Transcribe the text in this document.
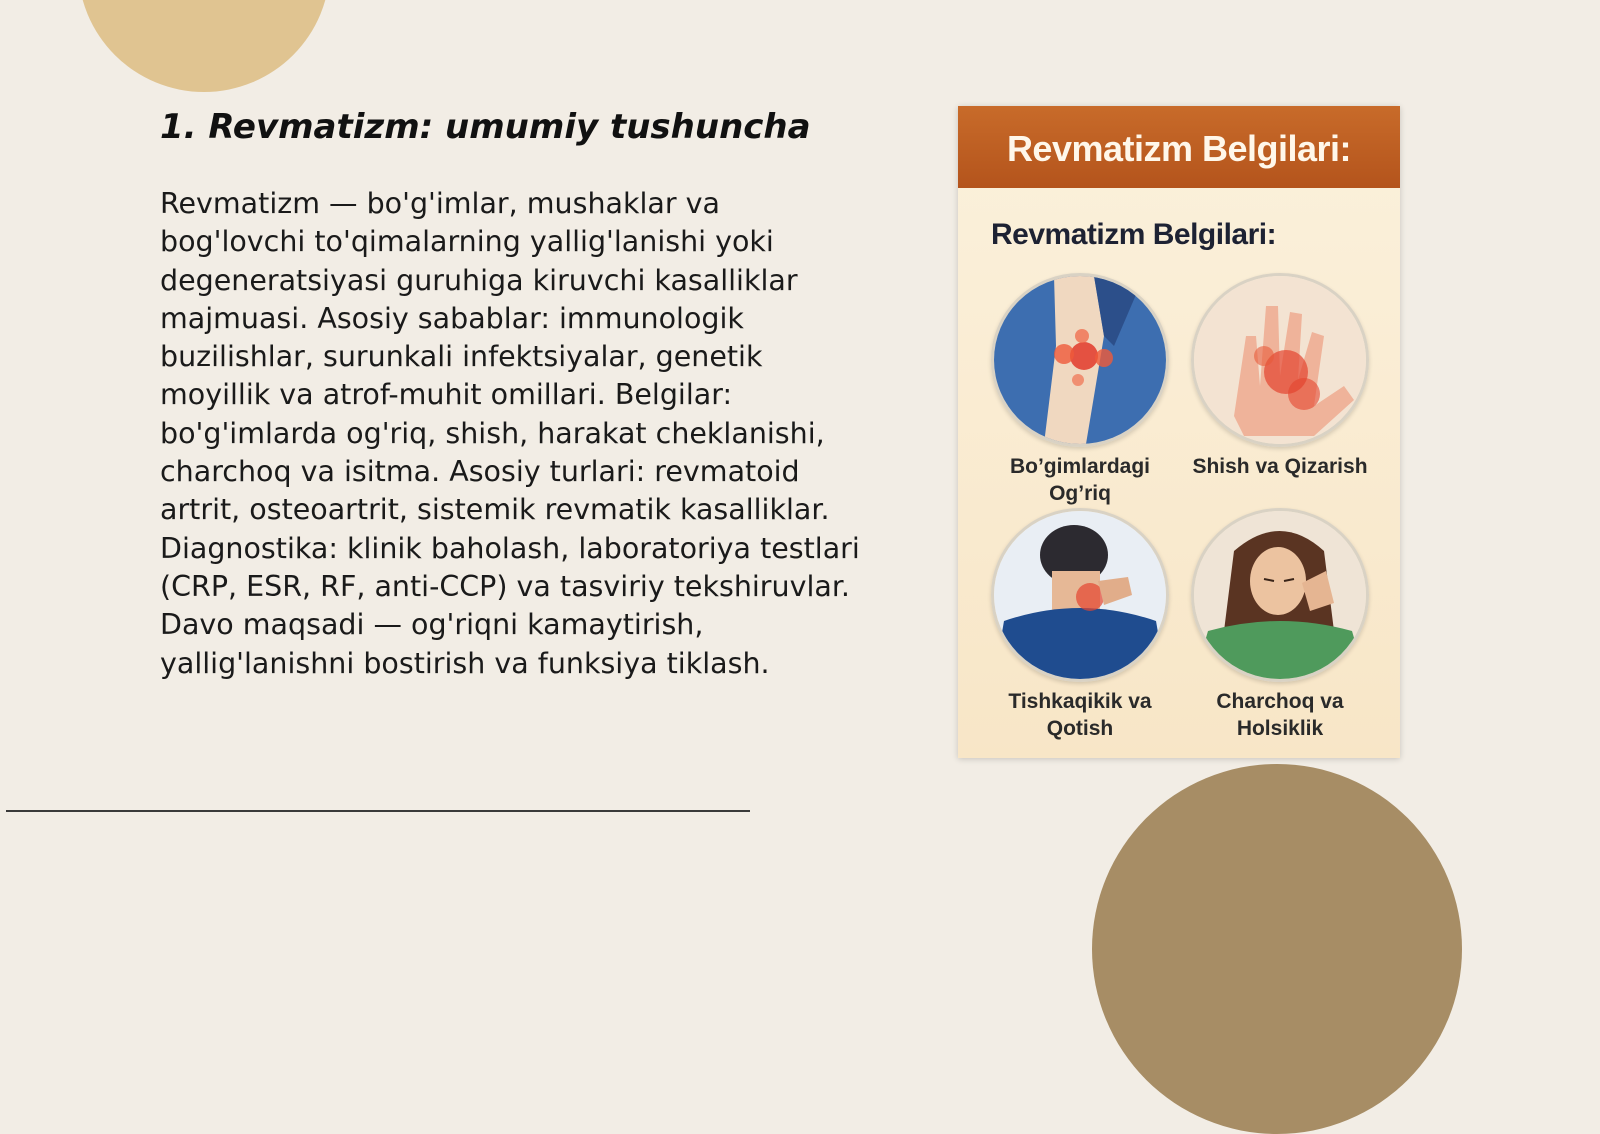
1. Revmatizm: umumiy tushuncha

Revmatizm — bo'g'imlar, mushaklar va bog'lovchi to'qimalarning yallig'lanishi yoki degeneratsiyasi guruhiga kiruvchi kasalliklar majmuasi. Asosiy sabablar: immunologik buzilishlar, surunkali infektsiyalar, genetik moyillik va atrof-muhit omillari. Belgilar: bo'g'imlarda og'riq, shish, harakat cheklanishi, charchoq va isitma. Asosiy turlari: revmatoid artrit, osteoartrit, sistemik revmatik kasalliklar. Diagnostika: klinik baholash, laboratoriya testlari (CRP, ESR, RF, anti-CCP) va tasviriy tekshiruvlar. Davo maqsadi — og'riqni kamaytirish, yallig'lanishni bostirish va funksiya tiklash.

Revmatizm Belgilari:
Revmatizm Belgilari:
Bo’gimlardagi
Og’riq
Shish va Qizarish
Tishkaqikik va
Qotish
Charchoq va
Holsiklik
